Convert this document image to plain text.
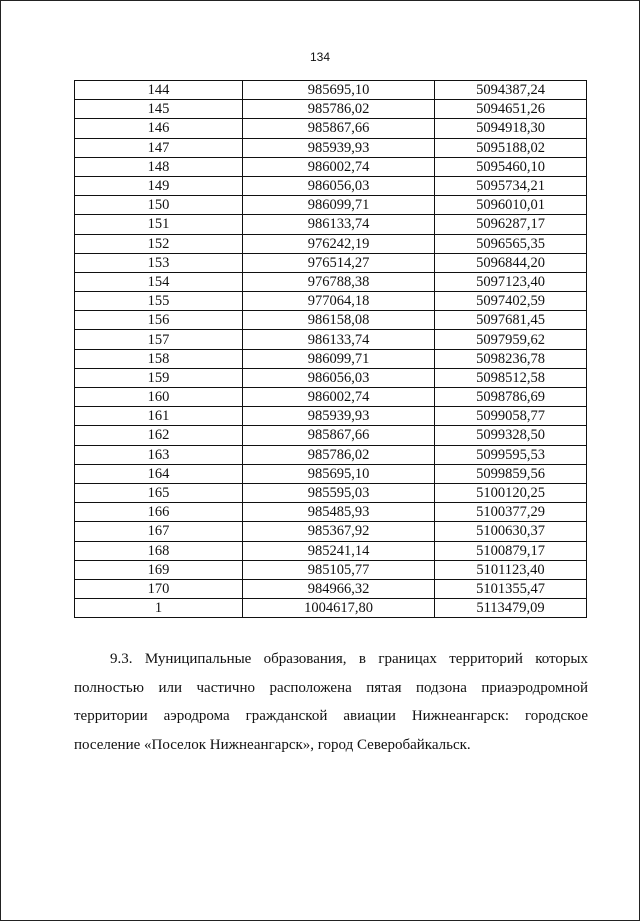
134
144	985695,10	5094387,24
145	985786,02	5094651,26
146	985867,66	5094918,30
147	985939,93	5095188,02
148	986002,74	5095460,10
149	986056,03	5095734,21
150	986099,71	5096010,01
151	986133,74	5096287,17
152	976242,19	5096565,35
153	976514,27	5096844,20
154	976788,38	5097123,40
155	977064,18	5097402,59
156	986158,08	5097681,45
157	986133,74	5097959,62
158	986099,71	5098236,78
159	986056,03	5098512,58
160	986002,74	5098786,69
161	985939,93	5099058,77
162	985867,66	5099328,50
163	985786,02	5099595,53
164	985695,10	5099859,56
165	985595,03	5100120,25
166	985485,93	5100377,29
167	985367,92	5100630,37
168	985241,14	5100879,17
169	985105,77	5101123,40
170	984966,32	5101355,47
1	1004617,80	5113479,09

9.3. Муниципальные образования, в границах территорий которых полностью или частично расположена пятая подзона приаэродромной территории аэродрома гражданской авиации Нижнеангарск: городское поселение «Поселок Нижнеангарск», город Северобайкальск.
